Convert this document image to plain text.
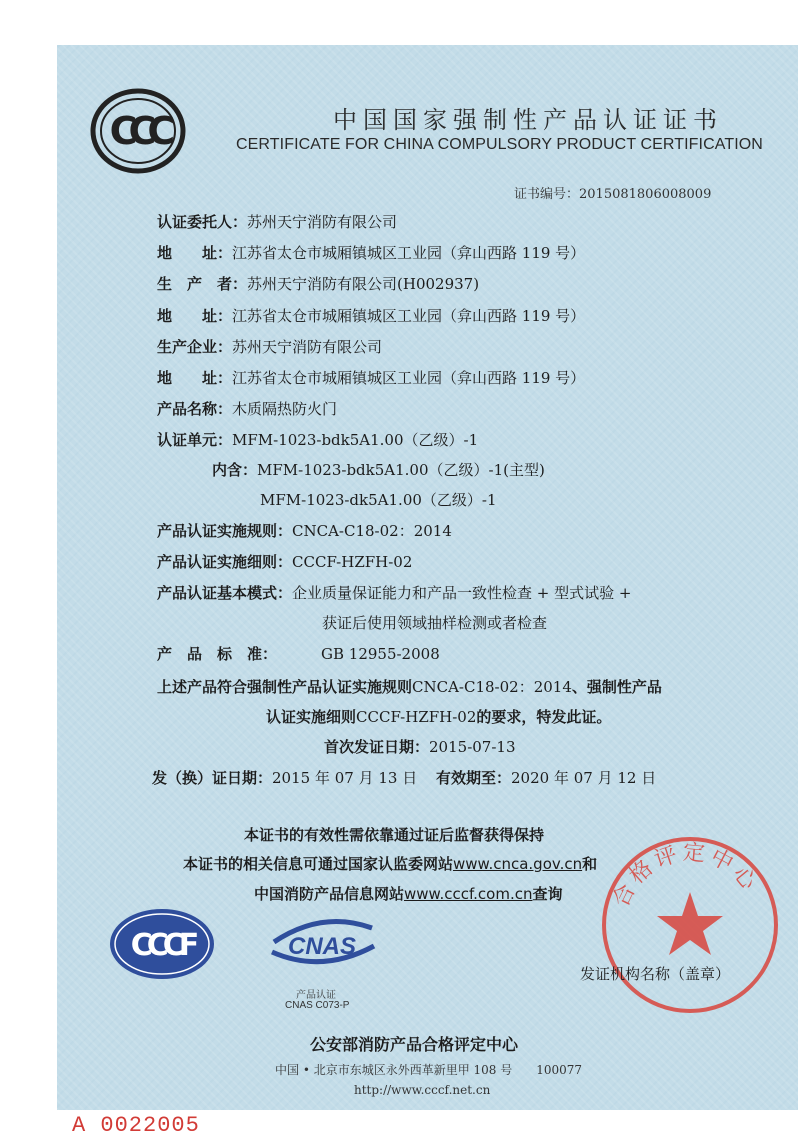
CCC	中国国家强制性产品认证证书
CERTIFICATE FOR CHINA COMPULSORY PRODUCT CERTIFICATION
证书编号：2015081806008009
认证委托人：苏州天宁消防有限公司
地　　址：江苏省太仓市城厢镇城区工业园（弇山西路 119 号）
生　产　者：苏州天宁消防有限公司(H002937)
地　　址：江苏省太仓市城厢镇城区工业园（弇山西路 119 号）
生产企业：苏州天宁消防有限公司
地　　址：江苏省太仓市城厢镇城区工业园（弇山西路 119 号）
产品名称：木质隔热防火门
认证单元：MFM-1023-bdk5A1.00（乙级）-1
内含：MFM-1023-bdk5A1.00（乙级）-1(主型)
MFM-1023-dk5A1.00（乙级）-1
产品认证实施规则：CNCA-C18-02：2014
产品认证实施细则：CCCF-HZFH-02
产品认证基本模式：企业质量保证能力和产品一致性检查 + 型式试验 +
获证后使用领域抽样检测或者检查
产　品　标　准：	GB 12955-2008
上述产品符合强制性产品认证实施规则CNCA-C18-02：2014、强制性产品
认证实施细则CCCF-HZFH-02的要求，特发此证。
首次发证日期：2015-07-13
发（换）证日期：2015 年 07 月 13 日 有效期至：2020 年 07 月 12 日
本证书的有效性需依靠通过证后监督获得保持
本证书的相关信息可通过国家认监委网站www.cnca.gov.cn和
中国消防产品信息网站www.cccf.com.cn查询
CCCF	CNAS
产品认证
CNAS C073-P
合格评定中心
发证机构名称（盖章）
公安部消防产品合格评定中心
中国 • 北京市东城区永外西革新里甲 108 号　　100077
http://www.cccf.net.cn
A 0022005
